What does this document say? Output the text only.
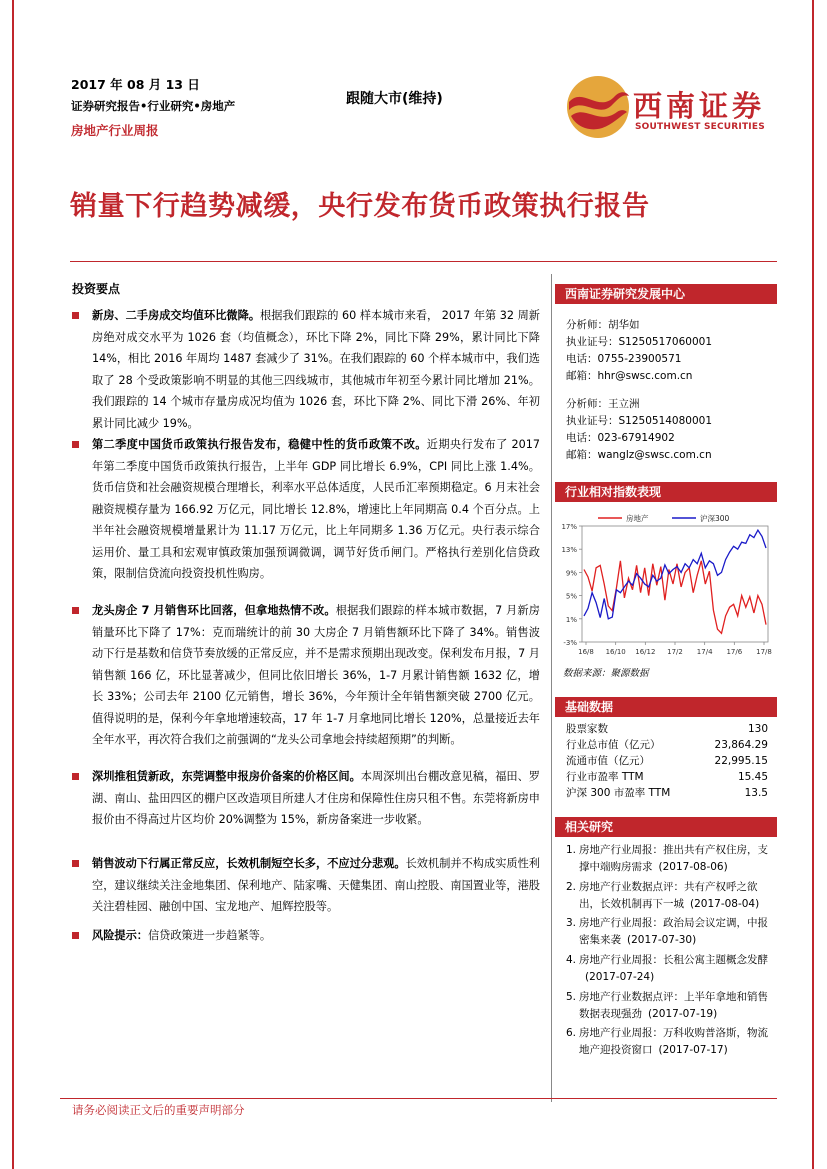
2017 年 08 月 13 日
证券研究报告•行业研究•房地产
房地产行业周报
跟随大市(维持)	西南证券
SOUTHWEST SECURITIES
销量下行趋势减缓，央行发布货币政策执行报告
投资要点

新房、二手房成交均值环比微降。根据我们跟踪的 60 样本城市来看， 2017 年第 32 周新房绝对成交水平为 1026 套（均值概念），环比下降 2%，同比下降 29%，累计同比下降 14%，相比 2016 年周均 1487 套减少了 31%。在我们跟踪的 60 个样本城市中，我们选取了 28 个受政策影响不明显的其他三四线城市，其他城市年初至今累计同比增加 21%。我们跟踪的 14 个城市存量房成况均值为 1026 套，环比下降 2%、同比下滑 26%、年初累计同比减少 19%。

第二季度中国货币政策执行报告发布，稳健中性的货币政策不改。近期央行发布了 2017 年第二季度中国货币政策执行报告，上半年 GDP 同比增长 6.9%，CPI 同比上涨 1.4%。货币信贷和社会融资规模合理增长，利率水平总体适度，人民币汇率预期稳定。6 月末社会融资规模存量为 166.92 万亿元，同比增长 12.8%，增速比上年同期高 0.4 个百分点。上半年社会融资规模增量累计为 11.17 万亿元，比上年同期多 1.36 万亿元。央行表示综合运用价、量工具和宏观审慎政策加强预调微调，调节好货币闸门。严格执行差别化信贷政策，限制信贷流向投资投机性购房。

龙头房企 7 月销售环比回落，但拿地热情不改。根据我们跟踪的样本城市数据，7 月新房销量环比下降了 17%：克而瑞统计的前 30 大房企 7 月销售额环比下降了 34%。销售波动下行是基数和信贷节奏放缓的正常反应，并不是需求预期出现改变。保利发布月报，7 月销售额 166 亿，环比显著减少，但同比依旧增长 36%，1-7 月累计销售额 1632 亿，增长 33%；公司去年 2100 亿元销售，增长 36%，今年预计全年销售额突破 2700 亿元。值得说明的是，保利今年拿地增速较高，17 年 1-7 月拿地同比增长 120%，总量接近去年全年水平，再次符合我们之前强调的“龙头公司拿地会持续超预期”的判断。

深圳推租赁新政，东莞调整申报房价备案的价格区间。本周深圳出台棚改意见稿，福田、罗湖、南山、盐田四区的棚户区改造项目所建人才住房和保障性住房只租不售。东莞将新房申报价由不得高过片区均价 20%调整为 15%，新房备案进一步收紧。

销售波动下行属正常反应，长效机制短空长多，不应过分悲观。长效机制并不构成实质性利空，建议继续关注金地集团、保利地产、陆家嘴、天健集团、南山控股、南国置业等，港股关注碧桂园、融创中国、宝龙地产、旭辉控股等。

风险提示：信贷政策进一步趋紧等。

西南证券研究发展中心
分析师：胡华如
执业证号：S1250517060001
电话：0755-23900571
邮箱：hhr@swsc.com.cn
分析师：王立洲
执业证号：S1250514080001
电话：023-67914902
邮箱：wanglz@swsc.com.cn
行业相对指数表现
17%
13%
9%
5%
1%
-3%
16/8 16/10 16/12 17/2 17/4 17/6 17/8
房地产	沪深300
数据来源：聚源数据
基础数据
股票家数	130
行业总市值（亿元）	23,864.29
流通市值（亿元）	22,995.15
行业市盈率 TTM	15.45
沪深 300 市盈率 TTM	13.5
相关研究
1. 房地产行业周报：推出共有产权住房，支撑中端购房需求 (2017-08-06)
2. 房地产行业数据点评：共有产权呼之欲出，长效机制再下一城 (2017-08-04)
3. 房地产行业周报：政治局会议定调，中报密集来袭 (2017-07-30)
4. 房地产行业周报：长租公寓主题概念发酵(2017-07-24)
5. 房地产行业数据点评：上半年拿地和销售数据表现强劲 (2017-07-19)
6. 房地产行业周报：万科收购普洛斯，物流地产迎投资窗口 (2017-07-17)
请务必阅读正文后的重要声明部分
